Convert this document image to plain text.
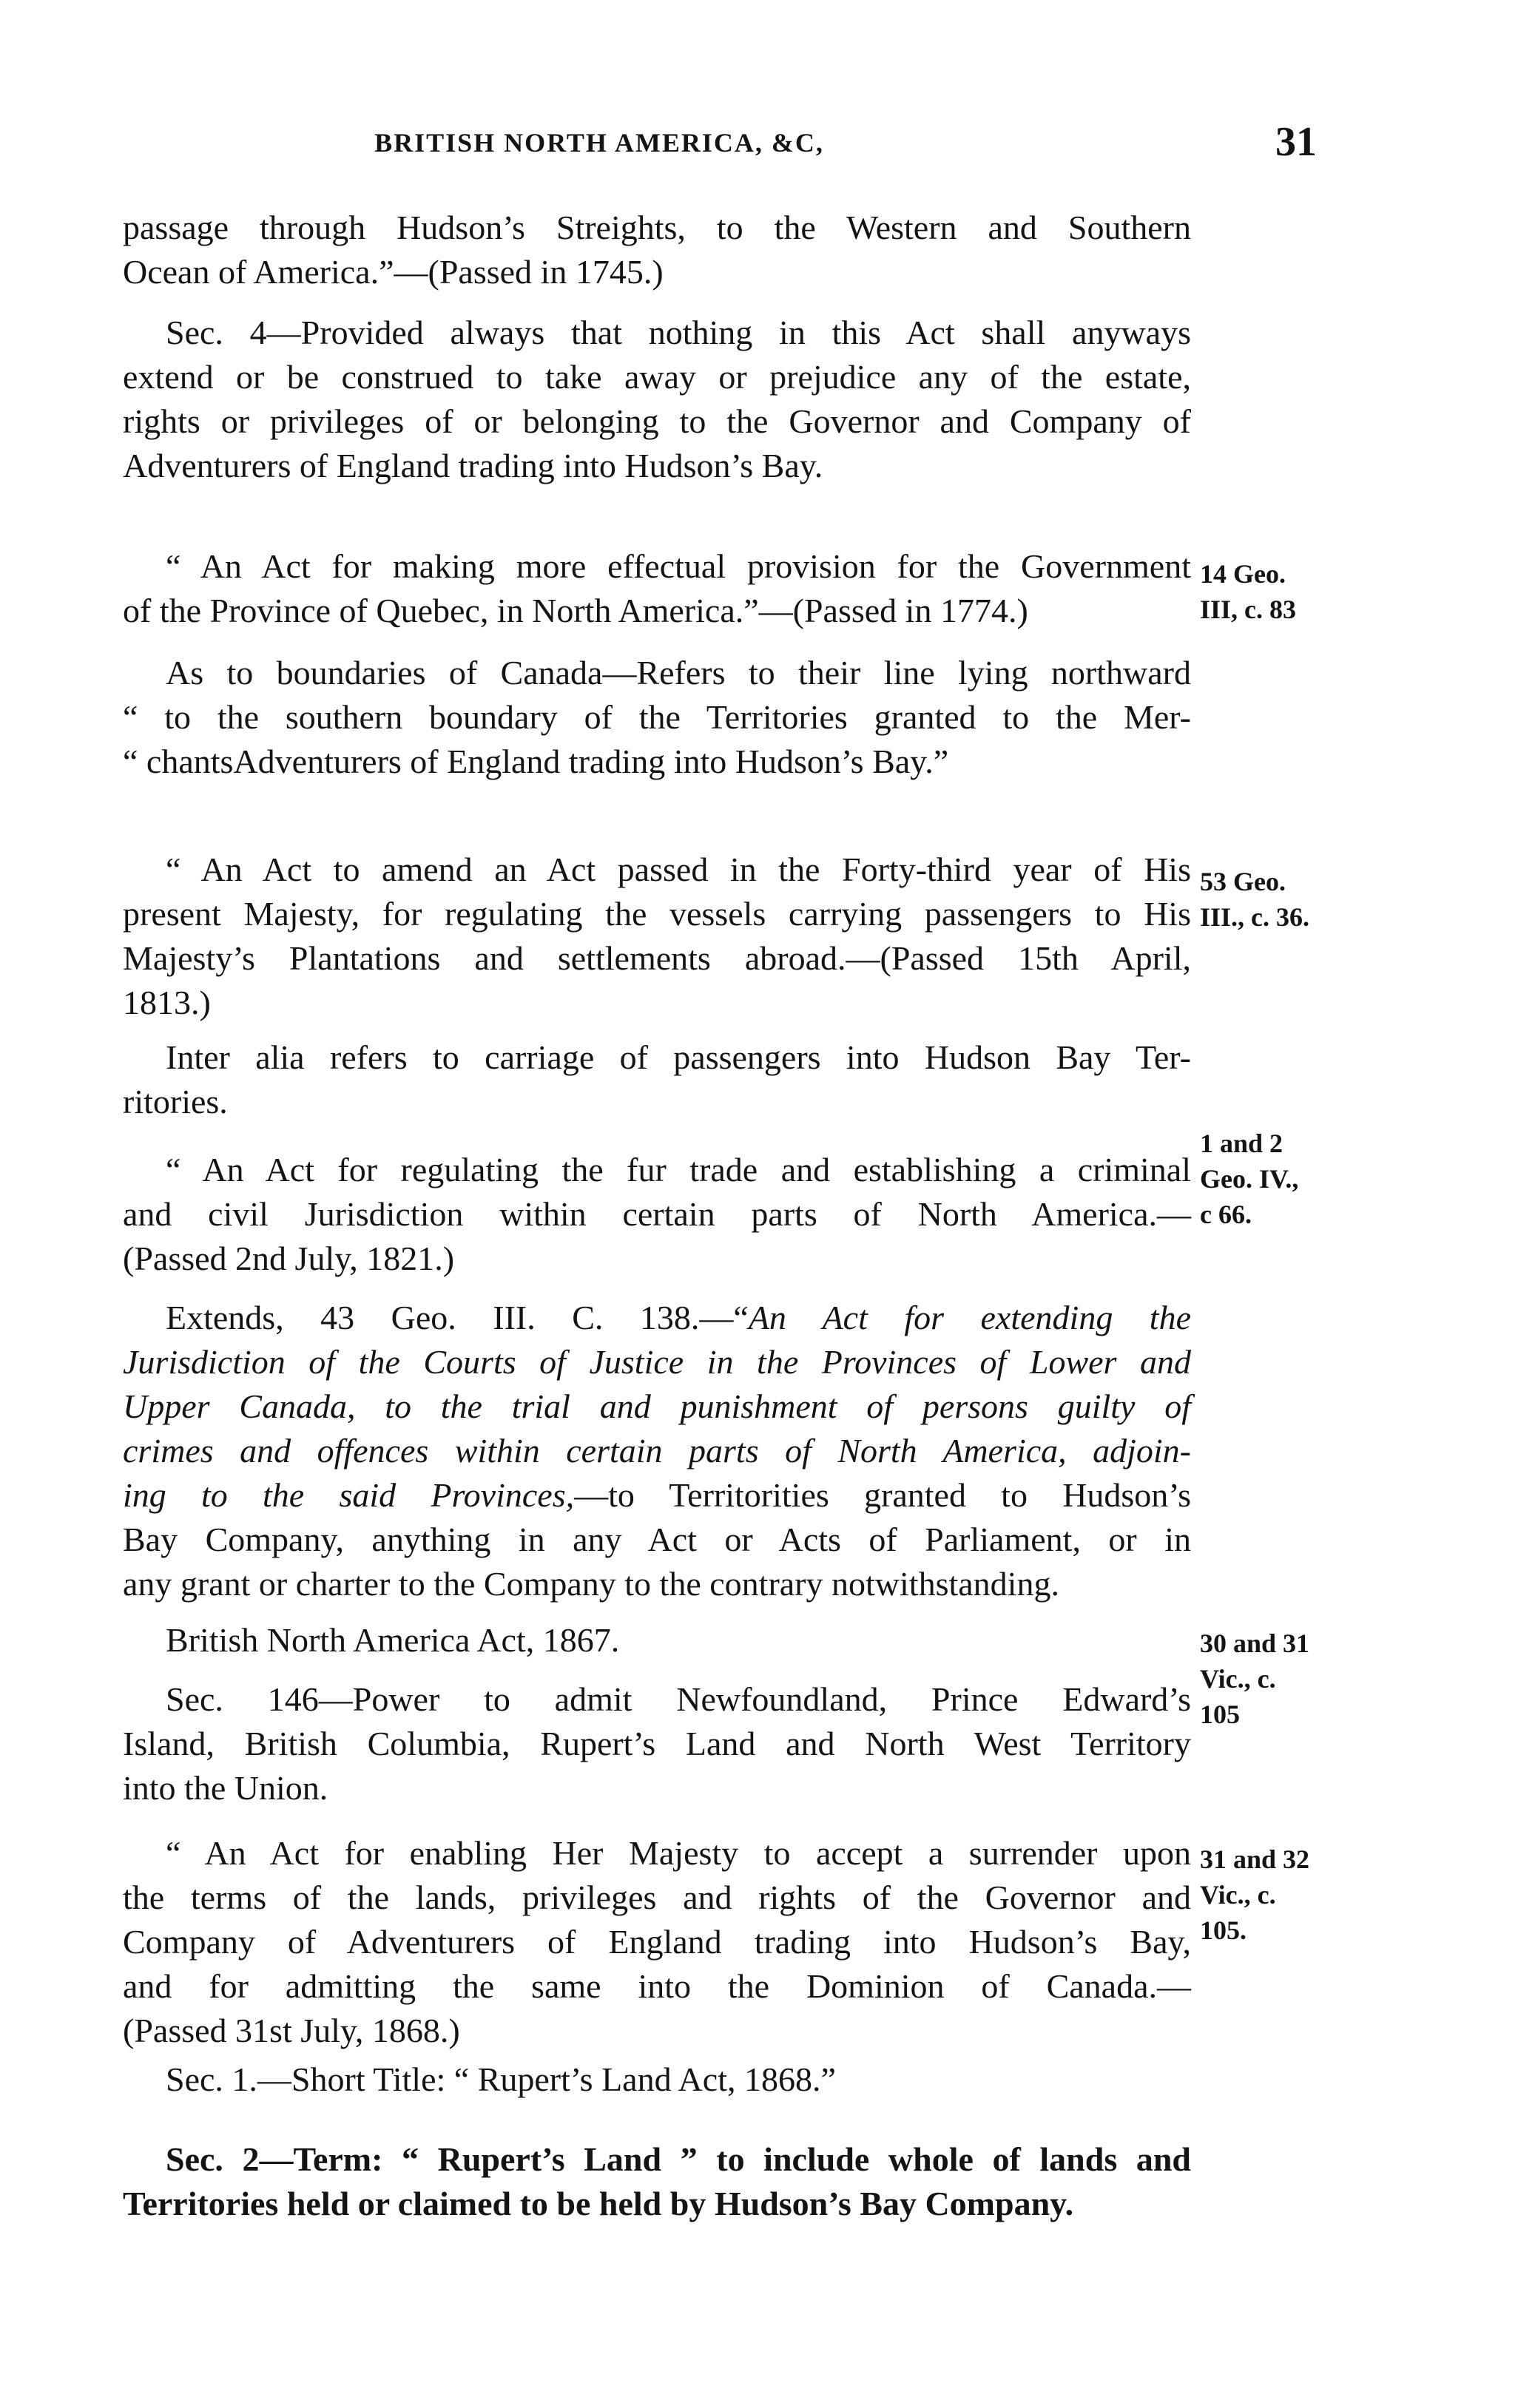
BRITISH NORTH AMERICA, &C,	31
passage through Hudson’s Streights, to the Western and Southern
Ocean of America.”—(Passed in 1745.)
Sec. 4—Provided always that nothing in this Act shall anyways
extend or be construed to take away or prejudice any of the estate,
rights or privileges of or belonging to the Governor and Company of
Adventurers of England trading into Hudson’s Bay.
“ An Act for making more effectual provision for the Government
of the Province of Quebec, in North America.”—(Passed in 1774.)
14 Geo.
III, c. 83
As to boundaries of Canada—Refers to their line lying northward
“ to the southern boundary of the Territories granted to the Mer-
“ chantsAdventurers of England trading into Hudson’s Bay.”
“ An Act to amend an Act passed in the Forty-third year of His
present Majesty, for regulating the vessels carrying passengers to His
Majesty’s Plantations and settlements abroad.—(Passed 15th April,
1813.)
53 Geo.
III., c. 36.
Inter alia refers to carriage of passengers into Hudson Bay Ter-
ritories.
“ An Act for regulating the fur trade and establishing a criminal
and civil Jurisdiction within certain parts of North America.—
(Passed 2nd July, 1821.)
1 and 2
Geo. IV.,
c 66.
Extends, 43 Geo. III. C. 138.—“An Act for extending the
Jurisdiction of the Courts of Justice in the Provinces of Lower and
Upper Canada, to the trial and punishment of persons guilty of
crimes and offences within certain parts of North America, adjoin-
ing to the said Provinces,—to Territorities granted to Hudson’s
Bay Company, anything in any Act or Acts of Parliament, or in
any grant or charter to the Company to the contrary notwithstanding.
British North America Act, 1867.	30 and 31
Vic., c.
105
Sec. 146—Power to admit Newfoundland, Prince Edward’s
Island, British Columbia, Rupert’s Land and North West Territory
into the Union.
“ An Act for enabling Her Majesty to accept a surrender upon
the terms of the lands, privileges and rights of the Governor and
Company of Adventurers of England trading into Hudson’s Bay,
and for admitting the same into the Dominion of Canada.—
(Passed 31st July, 1868.)
31 and 32
Vic., c.
105.
Sec. 1.—Short Title: “ Rupert’s Land Act, 1868.”
Sec. 2—Term: “ Rupert’s Land ” to include whole of lands and
Territories held or claimed to be held by Hudson’s Bay Company.
